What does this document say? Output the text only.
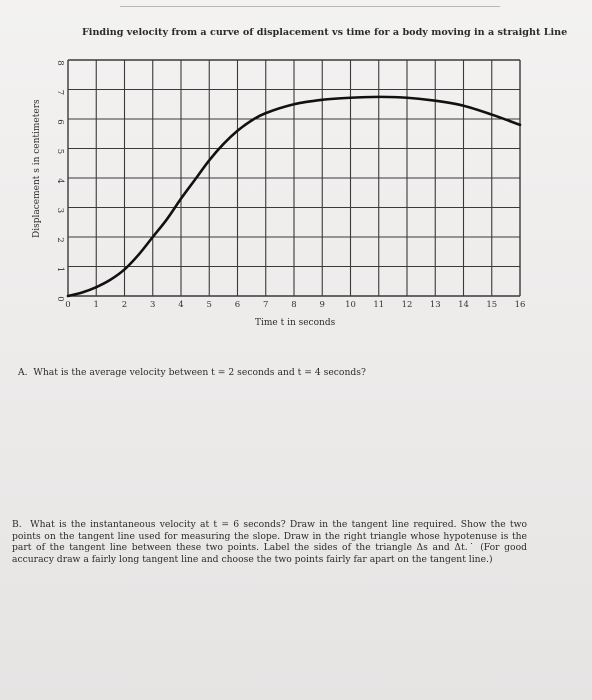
Finding velocity from a curve of displacement vs time for a body moving in a straight Line
0
1
2
3
4
5
6
7
8
0	1	2	3	4	5	6	7	8	9 10 11 12 13 14 15 16
Displacement s in centimeters
Time t in seconds
A. What is the average velocity between t = 2 seconds and t = 4 seconds?
B. What is the instantaneous velocity at t = 6 seconds? Draw in the tangent line required. Show the two points on the tangent line used for measuring the slope. Draw in the right triangle whose hypotenuse is the part of the tangent line between these two points. Label the sides of the triangle Δs and Δt.˙ (For good accuracy draw a fairly long tangent line and choose the two points fairly far apart on the tangent line.)
